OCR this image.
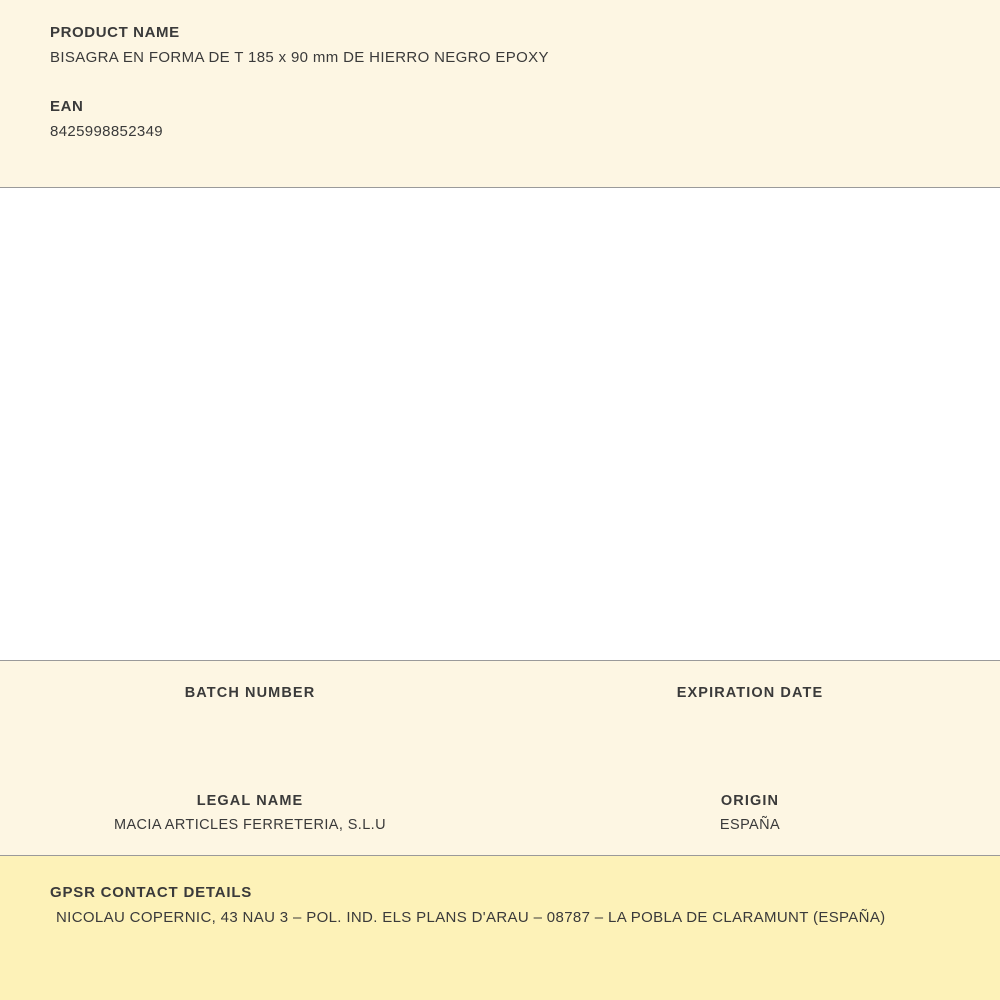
PRODUCT NAME
BISAGRA EN FORMA DE T 185 x 90 mm DE HIERRO NEGRO EPOXY
EAN
8425998852349
BATCH NUMBER	EXPIRATION DATE
LEGAL NAME
MACIA ARTICLES FERRETERIA, S.L.U
ORIGIN
ESPAÑA
GPSR CONTACT DETAILS
NICOLAU COPERNIC, 43 NAU 3 – POL. IND. ELS PLANS D'ARAU – 08787 – LA POBLA DE CLARAMUNT (ESPAÑA)
